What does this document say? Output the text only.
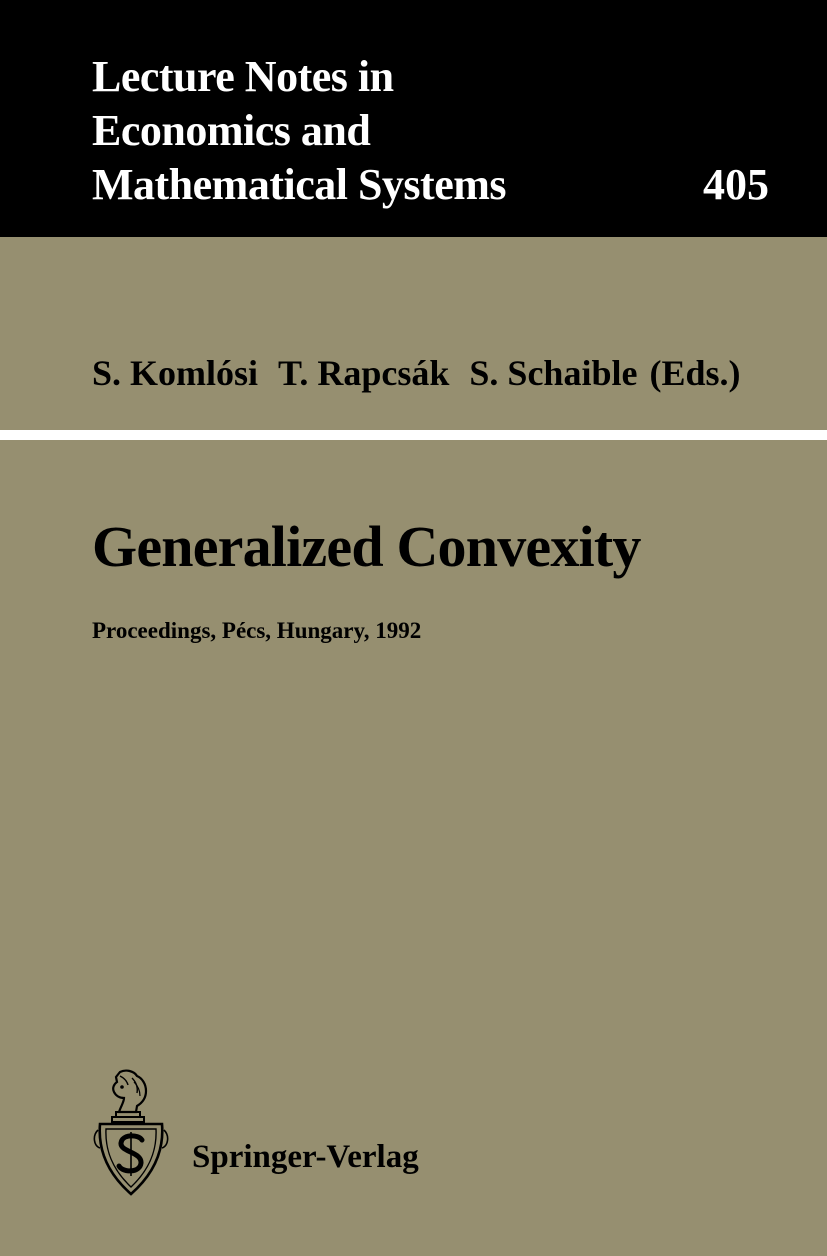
Lecture Notes in
Economics and
Mathematical Systems	405
S. Komlósi T. Rapcsák S. Schaible (Eds.)
Generalized Convexity

Proceedings, Pécs, Hungary, 1992

Springer-Verlag
